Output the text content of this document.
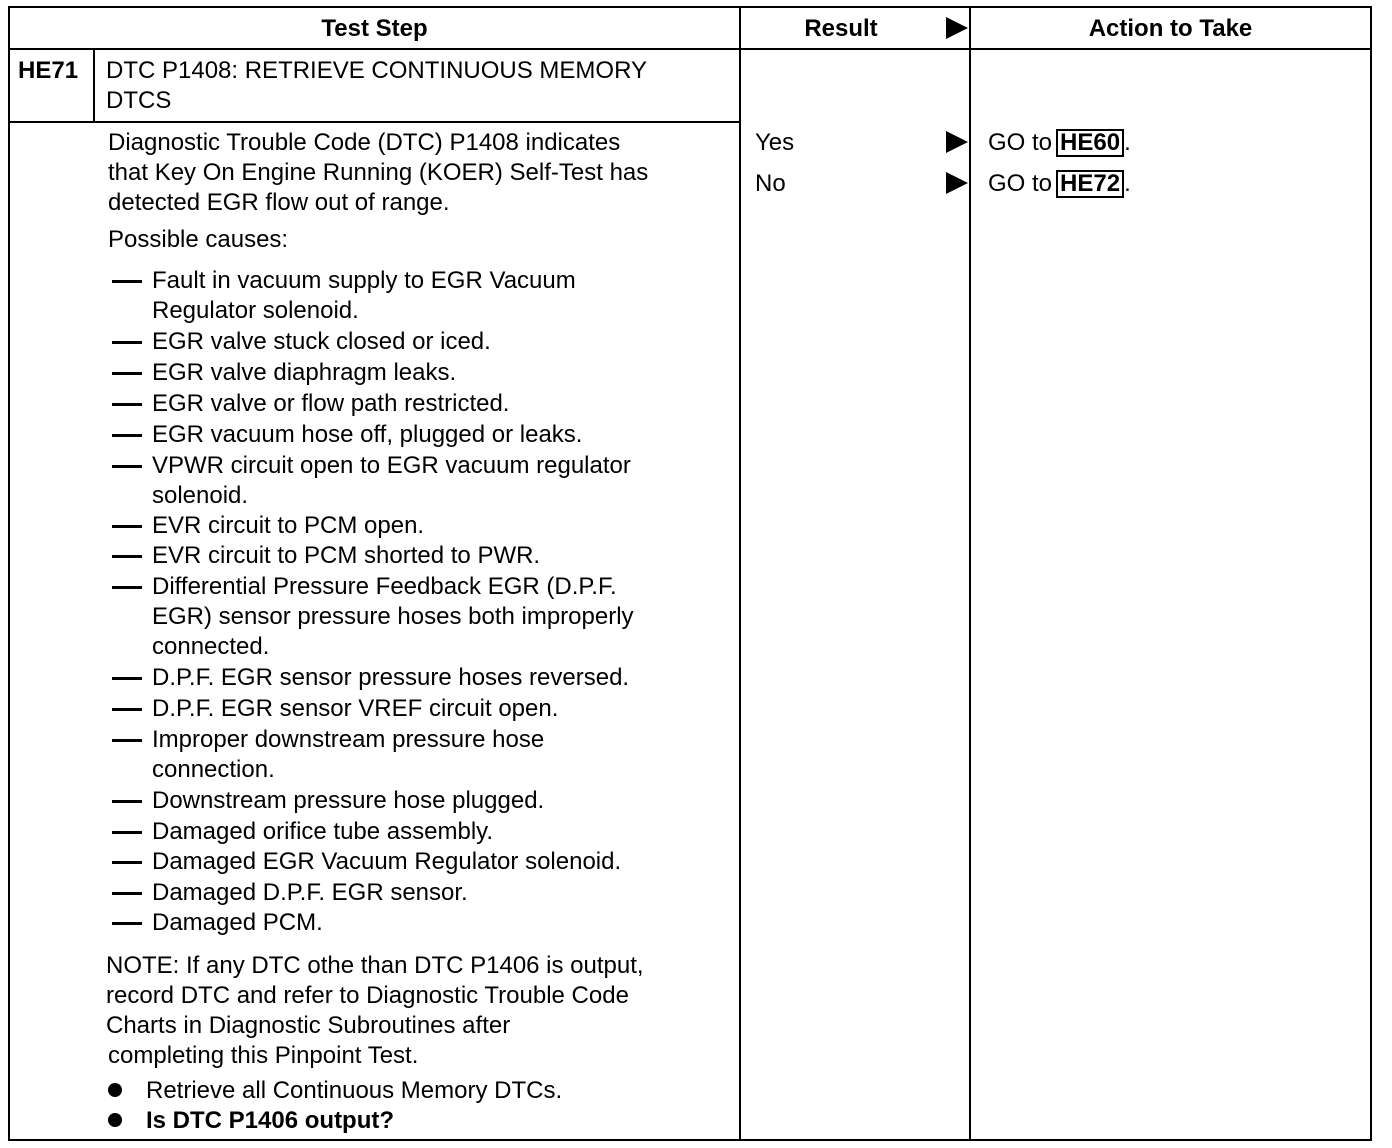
Test Step	Result	Action to Take
HE71 DTC P1408: RETRIEVE CONTINUOUS MEMORY
DTCS
Diagnostic Trouble Code (DTC) P1408 indicates
that Key On Engine Running (KOER) Self-Test has
detected EGR flow out of range.
Possible causes:
Fault in vacuum supply to EGR Vacuum
Regulator solenoid.
EGR valve stuck closed or iced.
EGR valve diaphragm leaks.
EGR valve or flow path restricted.
EGR vacuum hose off, plugged or leaks.
VPWR circuit open to EGR vacuum regulator
solenoid.
EVR circuit to PCM open.
EVR circuit to PCM shorted to PWR.
Differential Pressure Feedback EGR (D.P.F.
EGR) sensor pressure hoses both improperly
connected.
D.P.F. EGR sensor pressure hoses reversed.
D.P.F. EGR sensor VREF circuit open.
Improper downstream pressure hose
connection.
Downstream pressure hose plugged.
Damaged orifice tube assembly.
Damaged EGR Vacuum Regulator solenoid.
Damaged D.P.F. EGR sensor.
Damaged PCM.
NOTE: If any DTC othe than DTC P1406 is output,
record DTC and refer to Diagnostic Trouble Code
Charts in Diagnostic Subroutines after
completing this Pinpoint Test.
Retrieve all Continuous Memory DTCs.
Is DTC P1406 output?
Yes	GO to HE60 .
No	GO to HE72 .
